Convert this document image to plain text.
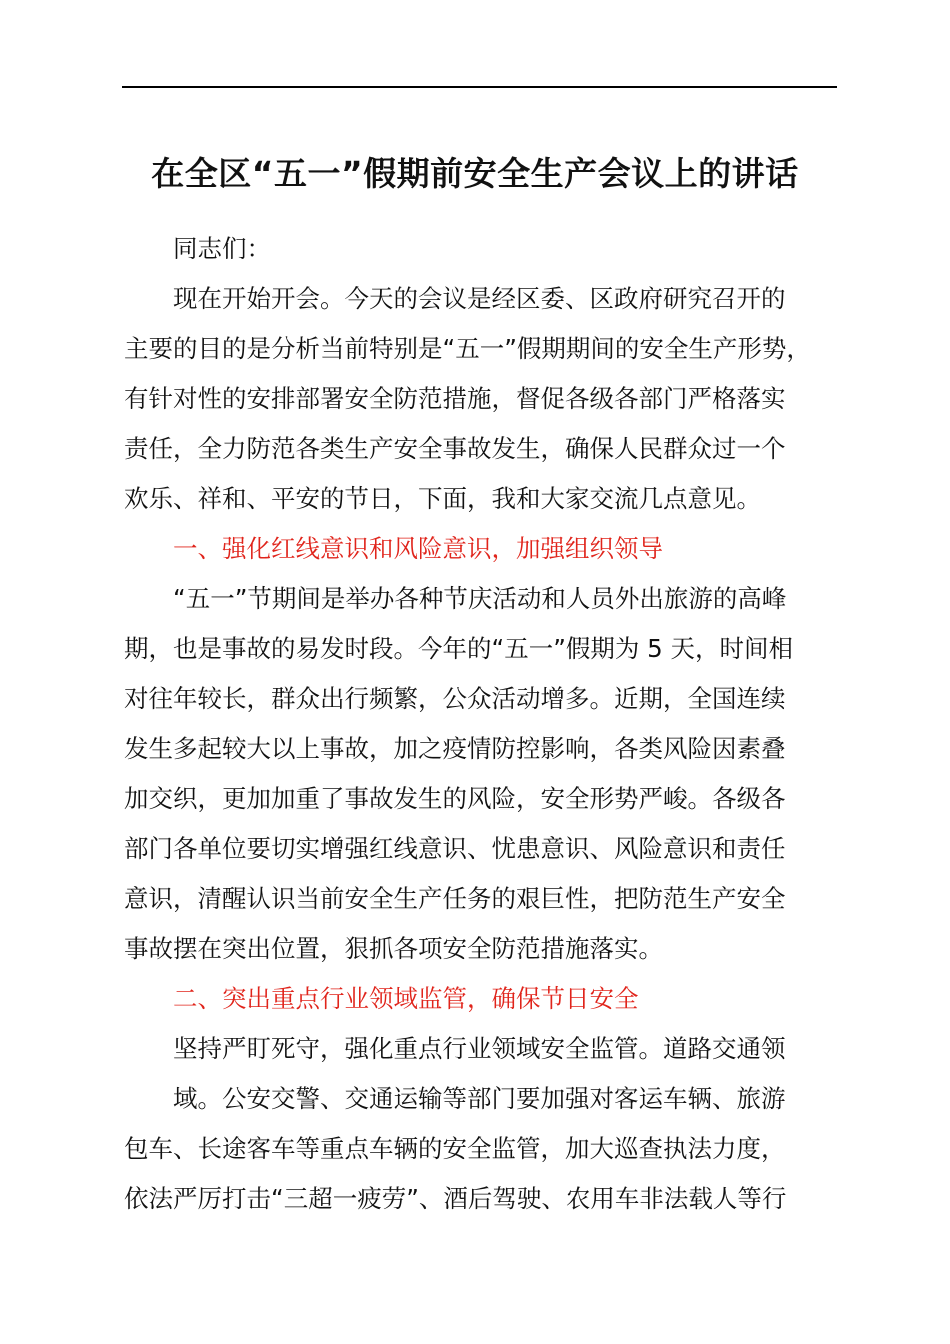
在全区“五一”假期前安全生产会议上的讲话
同志们：
现在开始开会。今天的会议是经区委、区政府研究召开的
主要的目的是分析当前特别是“五一”假期期间的安全生产形势，
有针对性的安排部署安全防范措施，督促各级各部门严格落实
责任，全力防范各类生产安全事故发生，确保人民群众过一个
欢乐、祥和、平安的节日，下面，我和大家交流几点意见。
一、强化红线意识和风险意识，加强组织领导
“五一”节期间是举办各种节庆活动和人员外出旅游的高峰
期，也是事故的易发时段。今年的“五一”假期为 5 天，时间相
对往年较长，群众出行频繁，公众活动增多。近期，全国连续
发生多起较大以上事故，加之疫情防控影响，各类风险因素叠
加交织，更加加重了事故发生的风险，安全形势严峻。各级各
部门各单位要切实增强红线意识、忧患意识、风险意识和责任
意识，清醒认识当前安全生产任务的艰巨性，把防范生产安全
事故摆在突出位置，狠抓各项安全防范措施落实。
二、突出重点行业领域监管，确保节日安全
坚持严盯死守，强化重点行业领域安全监管。道路交通领
域。公安交警、交通运输等部门要加强对客运车辆、旅游
包车、长途客车等重点车辆的安全监管，加大巡查执法力度，
依法严厉打击“三超一疲劳”、酒后驾驶、农用车非法载人等行
